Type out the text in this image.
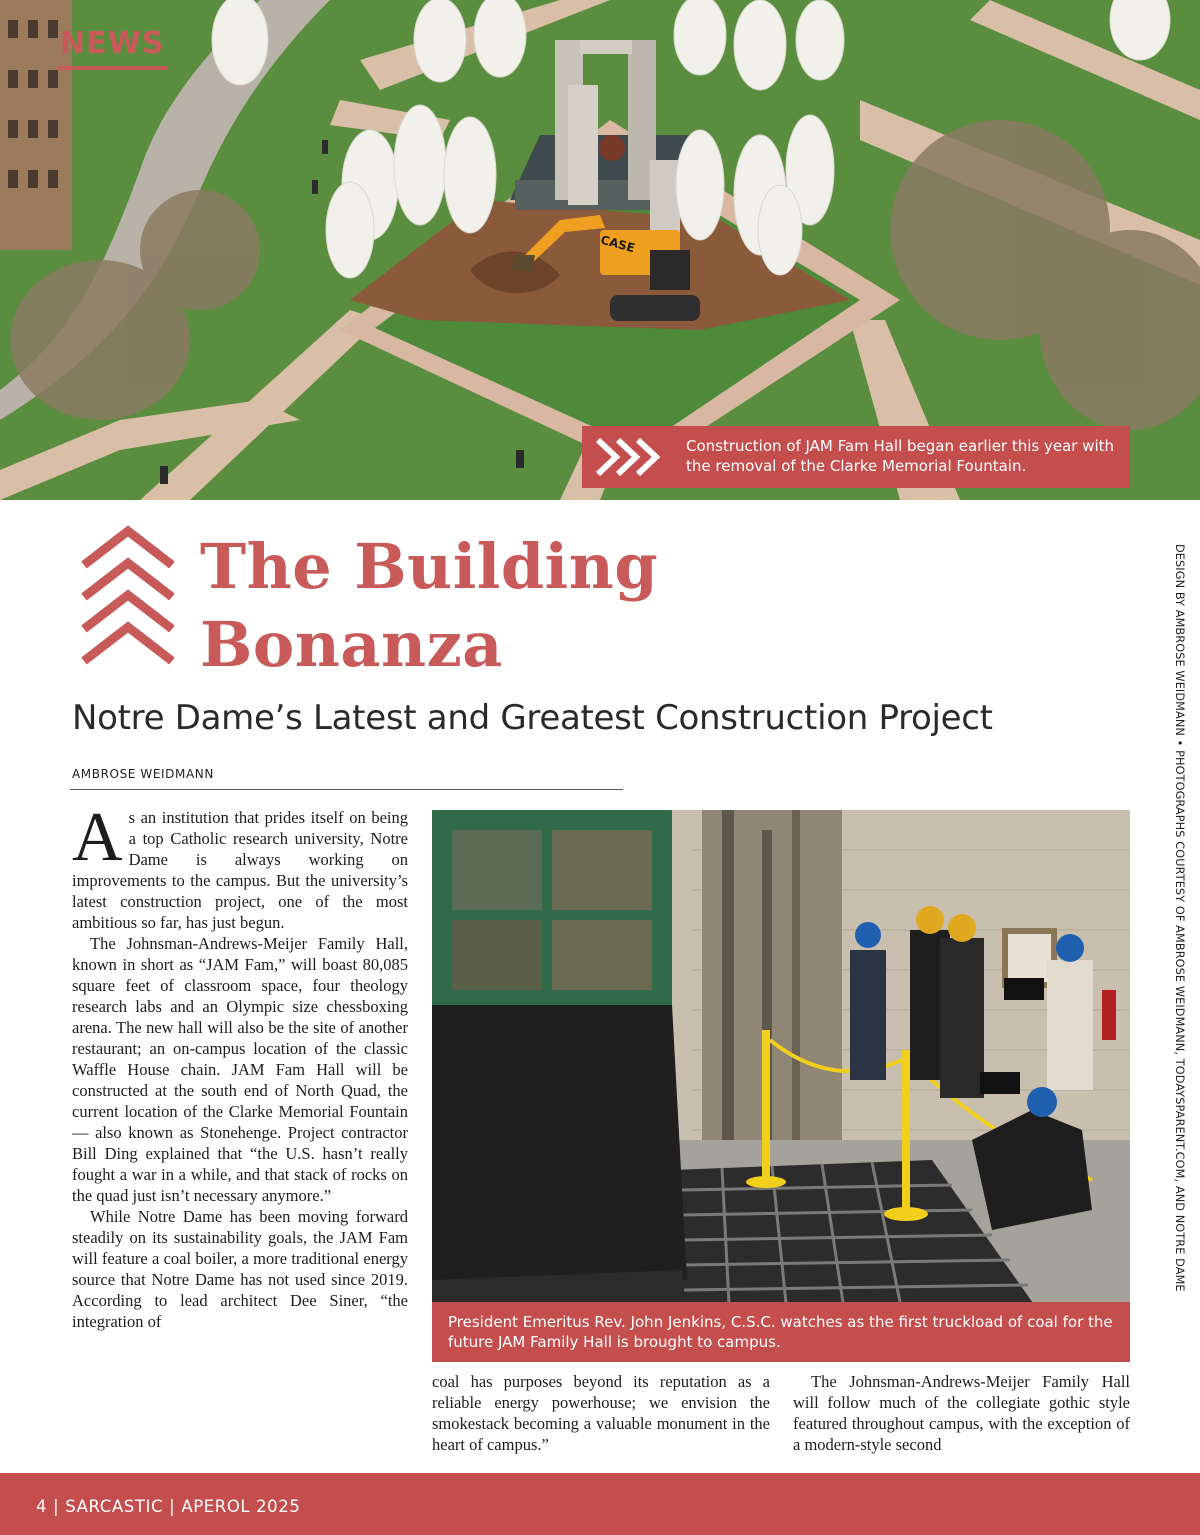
CASE
NEWS
Construction of JAM Fam Hall began earlier this year with the removal of the Clarke Memorial Fountain.
The Building
Bonanza
Notre Dame’s Latest and Greatest Construction Project
AMBROSE WEIDMANN
A s an institution that prides itself on being a top Catholic research university, Notre Dame is always working on improvements to the campus. But the university’s latest construction project, one of the most ambitious so far, has just begun.

The Johnsman-Andrews-Meijer Family Hall, known in short as “JAM Fam,” will boast 80,085 square feet of classroom space, four theology research labs and an Olympic size chessboxing arena. The new hall will also be the site of another restaurant; an on-campus location of the classic Waffle House chain. JAM Fam Hall will be constructed at the south end of North Quad, the current location of the Clarke Memorial Fountain — also known as Stonehenge. Project contractor Bill Ding explained that “the U.S. hasn’t really fought a war in a while, and that stack of rocks on the quad just isn’t necessary anymore.”

While Notre Dame has been moving forward steadily on its sustainability goals, the JAM Fam will feature a coal boiler, a more traditional energy source that Notre Dame has not used since 2019. According to lead architect Dee Siner, “the integration of	President Emeritus Rev. John Jenkins, C.S.C. watches as the first truckload of coal for the future JAM Family Hall is brought to campus.

coal has purposes beyond its reputation as a reliable energy powerhouse; we envision the smokestack becoming a valuable monument in the heart of campus.”

The Johnsman-Andrews-Meijer Family Hall will follow much of the collegiate gothic style featured throughout campus, with the exception of a modern-style second

DESIGN BY AMBROSE WEIDMANN • PHOTOGRAPHS COURTESY OF AMBROSE WEIDMANN, TODAYSPARENT.COM, AND NOTRE DAME
4 | SARCASTIC | APEROL 2025
